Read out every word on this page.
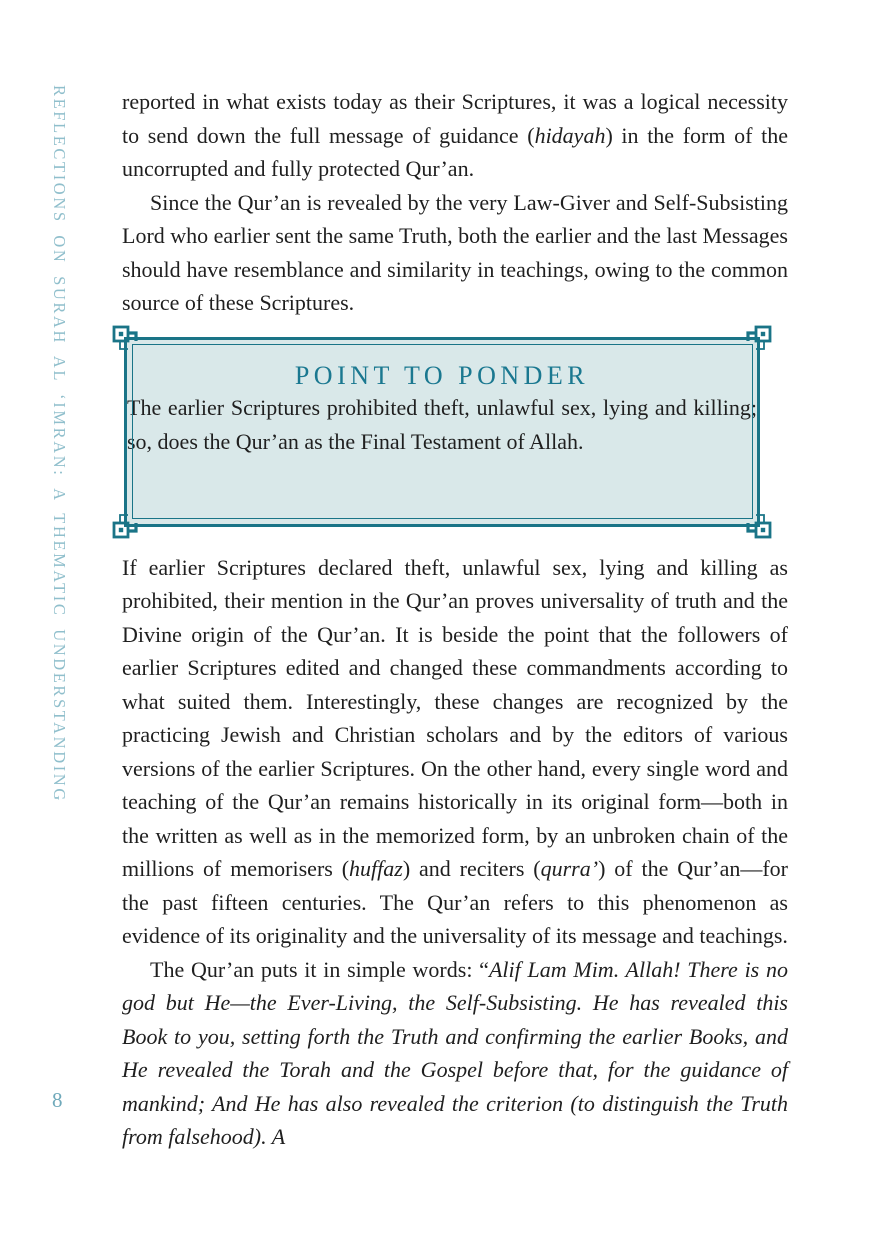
REFLECTIONS ON SURAH AL ‘IMRAN: A THEMATIC UNDERSTANDING
8

reported in what exists today as their Scriptures, it was a logical necessity to send down the full message of guidance (hidayah) in the form of the uncorrupted and fully protected Qur’an.

Since the Qur’an is revealed by the very Law-Giver and Self-Subsisting Lord who earlier sent the same Truth, both the earlier and the last Messages should have resemblance and similarity in teachings, owing to the common source of these Scriptures.

POINT TO PONDER

The earlier Scriptures prohibited theft, unlawful sex, lying and killing; so, does the Qur’an as the Final Testament of Allah.

If earlier Scriptures declared theft, unlawful sex, lying and killing as prohibited, their mention in the Qur’an proves universality of truth and the Divine origin of the Qur’an. It is beside the point that the followers of earlier Scriptures edited and changed these commandments according to what suited them. Interestingly, these changes are recognized by the practicing Jewish and Christian scholars and by the editors of various versions of the earlier Scriptures. On the other hand, every single word and teaching of the Qur’an remains historically in its original form—both in the written as well as in the memorized form, by an unbroken chain of the millions of memorisers (huffaz) and reciters (qurra’) of the Qur’an—for the past fifteen centuries. The Qur’an refers to this phenomenon as evidence of its originality and the universality of its message and teachings.

The Qur’an puts it in simple words: “Alif Lam Mim. Allah! There is no god but He—the Ever-Living, the Self-Subsisting. He has revealed this Book to you, setting forth the Truth and confirming the earlier Books, and He revealed the Torah and the Gospel before that, for the guidance of mankind; And He has also revealed the criterion (to distinguish the Truth from falsehood). A
